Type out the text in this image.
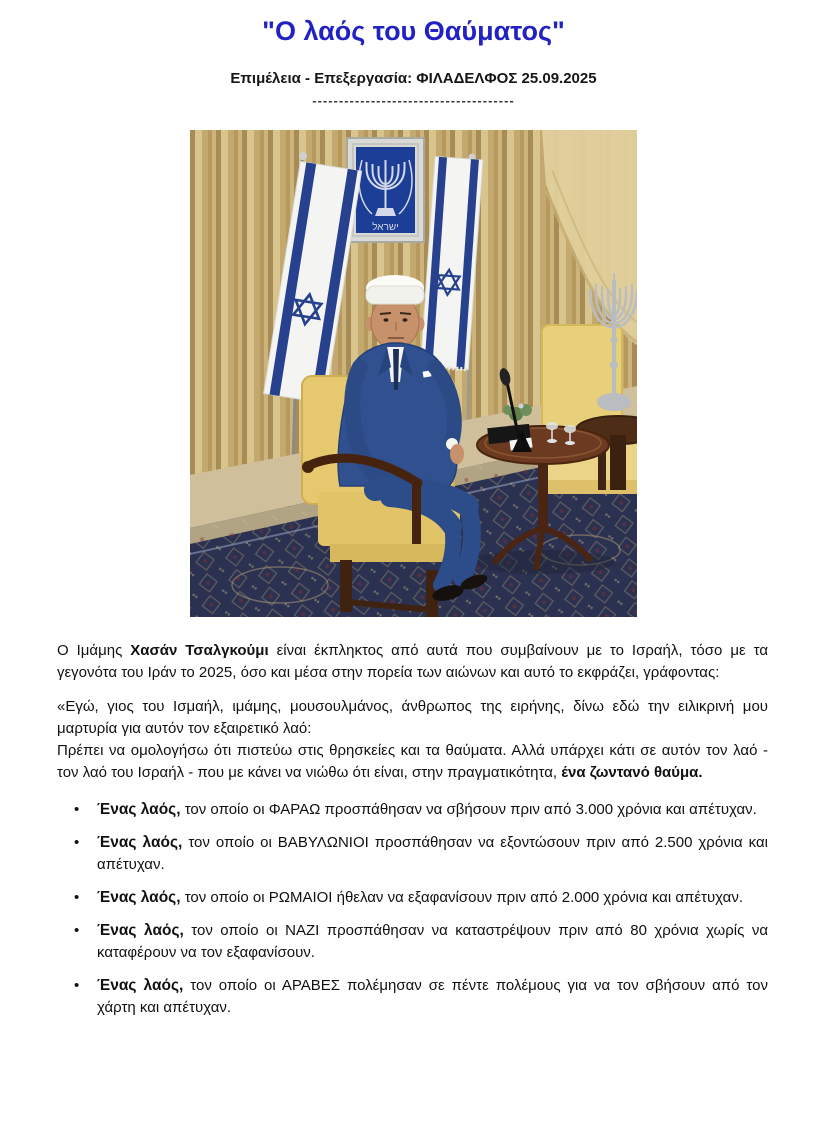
"Ο λαός του Θαύματος"
Επιμέλεια - Επεξεργασία: ΦΙΛΑΔΕΛΦΟΣ 25.09.2025
--------------------------------------
ישראל

Ο Ιμάμης Χασάν Τσαλγκούμι είναι έκπληκτος από αυτά που συμβαίνουν με το Ισραήλ, τόσο με τα γεγονότα του Ιράν το 2025, όσο και μέσα στην πορεία των αιώνων και αυτό το εκφράζει, γράφοντας:

«Εγώ, γιος του Ισμαήλ, ιμάμης, μουσουλμάνος, άνθρωπος της ειρήνης, δίνω εδώ την ειλικρινή μου μαρτυρία για αυτόν τον εξαιρετικό λαό:
Πρέπει να ομολογήσω ότι πιστεύω στις θρησκείες και τα θαύματα. Αλλά υπάρχει κάτι σε αυτόν τον λαό - τον λαό του Ισραήλ - που με κάνει να νιώθω ότι είναι, στην πραγματικότητα, ένα ζωντανό θαύμα.

• Ένας λαός, τον οποίο οι ΦΑΡΑΩ προσπάθησαν να σβήσουν πριν από 3.000 χρόνια και απέτυχαν.
• Ένας λαός, τον οποίο οι ΒΑΒΥΛΩΝΙΟΙ προσπάθησαν να εξοντώσουν πριν από 2.500 χρόνια και απέτυχαν.
• Ένας λαός, τον οποίο οι ΡΩΜΑΙΟΙ ήθελαν να εξαφανίσουν πριν από 2.000 χρόνια και απέτυχαν.
• Ένας λαός, τον οποίο οι ΝΑΖΙ προσπάθησαν να καταστρέψουν πριν από 80 χρόνια χωρίς να καταφέρουν να τον εξαφανίσουν.
• Ένας λαός, τον οποίο οι ΑΡΑΒΕΣ πολέμησαν σε πέντε πολέμους για να τον σβήσουν από τον χάρτη και απέτυχαν.
